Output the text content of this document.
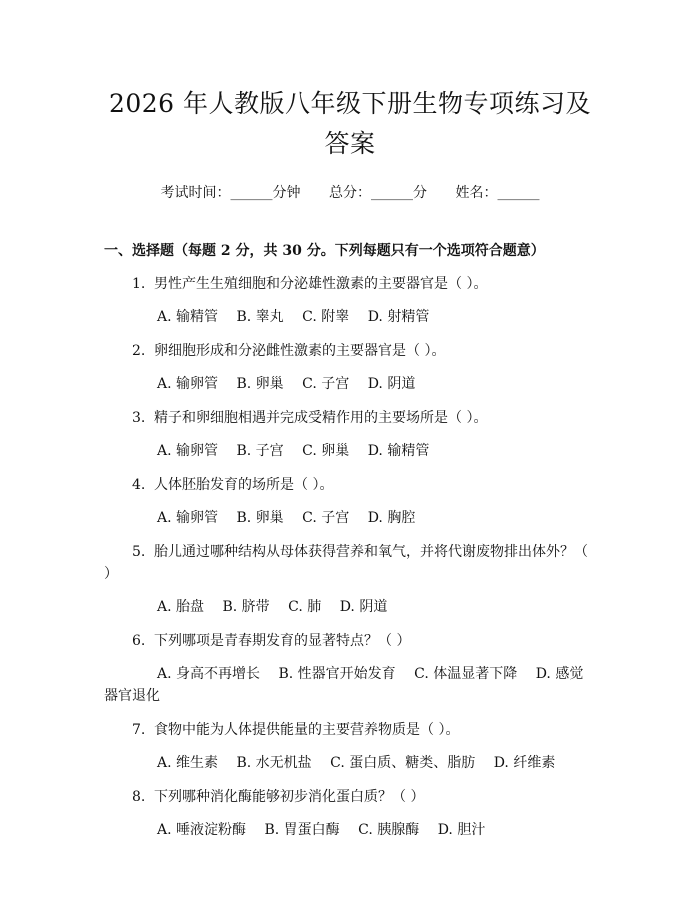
2026 年人教版八年级下册生物专项练习及答案
考试时间：______分钟 总分：______分 姓名：______
一、选择题（每题 2 分，共 30 分。下列每题只有一个选项符合题意）
1. 男性产生生殖细胞和分泌雄性激素的主要器官是（ ）。
A. 输精管 B. 睾丸 C. 附睾 D. 射精管
2. 卵细胞形成和分泌雌性激素的主要器官是（ ）。
A. 输卵管 B. 卵巢 C. 子宫 D. 阴道
3. 精子和卵细胞相遇并完成受精作用的主要场所是（ ）。
A. 输卵管 B. 子宫 C. 卵巢 D. 输精管
4. 人体胚胎发育的场所是（ ）。
A. 输卵管 B. 卵巢 C. 子宫 D. 胸腔
5. 胎儿通过哪种结构从母体获得营养和氧气，并将代谢废物排出体外？（ ）
A. 胎盘 B. 脐带 C. 肺 D. 阴道
6. 下列哪项是青春期发育的显著特点？（ ）
A. 身高不再增长 B. 性器官开始发育 C. 体温显著下降 D. 感觉器官退化
7. 食物中能为人体提供能量的主要营养物质是（ ）。
A. 维生素 B. 水无机盐 C. 蛋白质、糖类、脂肪 D. 纤维素
8. 下列哪种消化酶能够初步消化蛋白质？（ ）
A. 唾液淀粉酶 B. 胃蛋白酶 C. 胰腺酶 D. 胆汁
